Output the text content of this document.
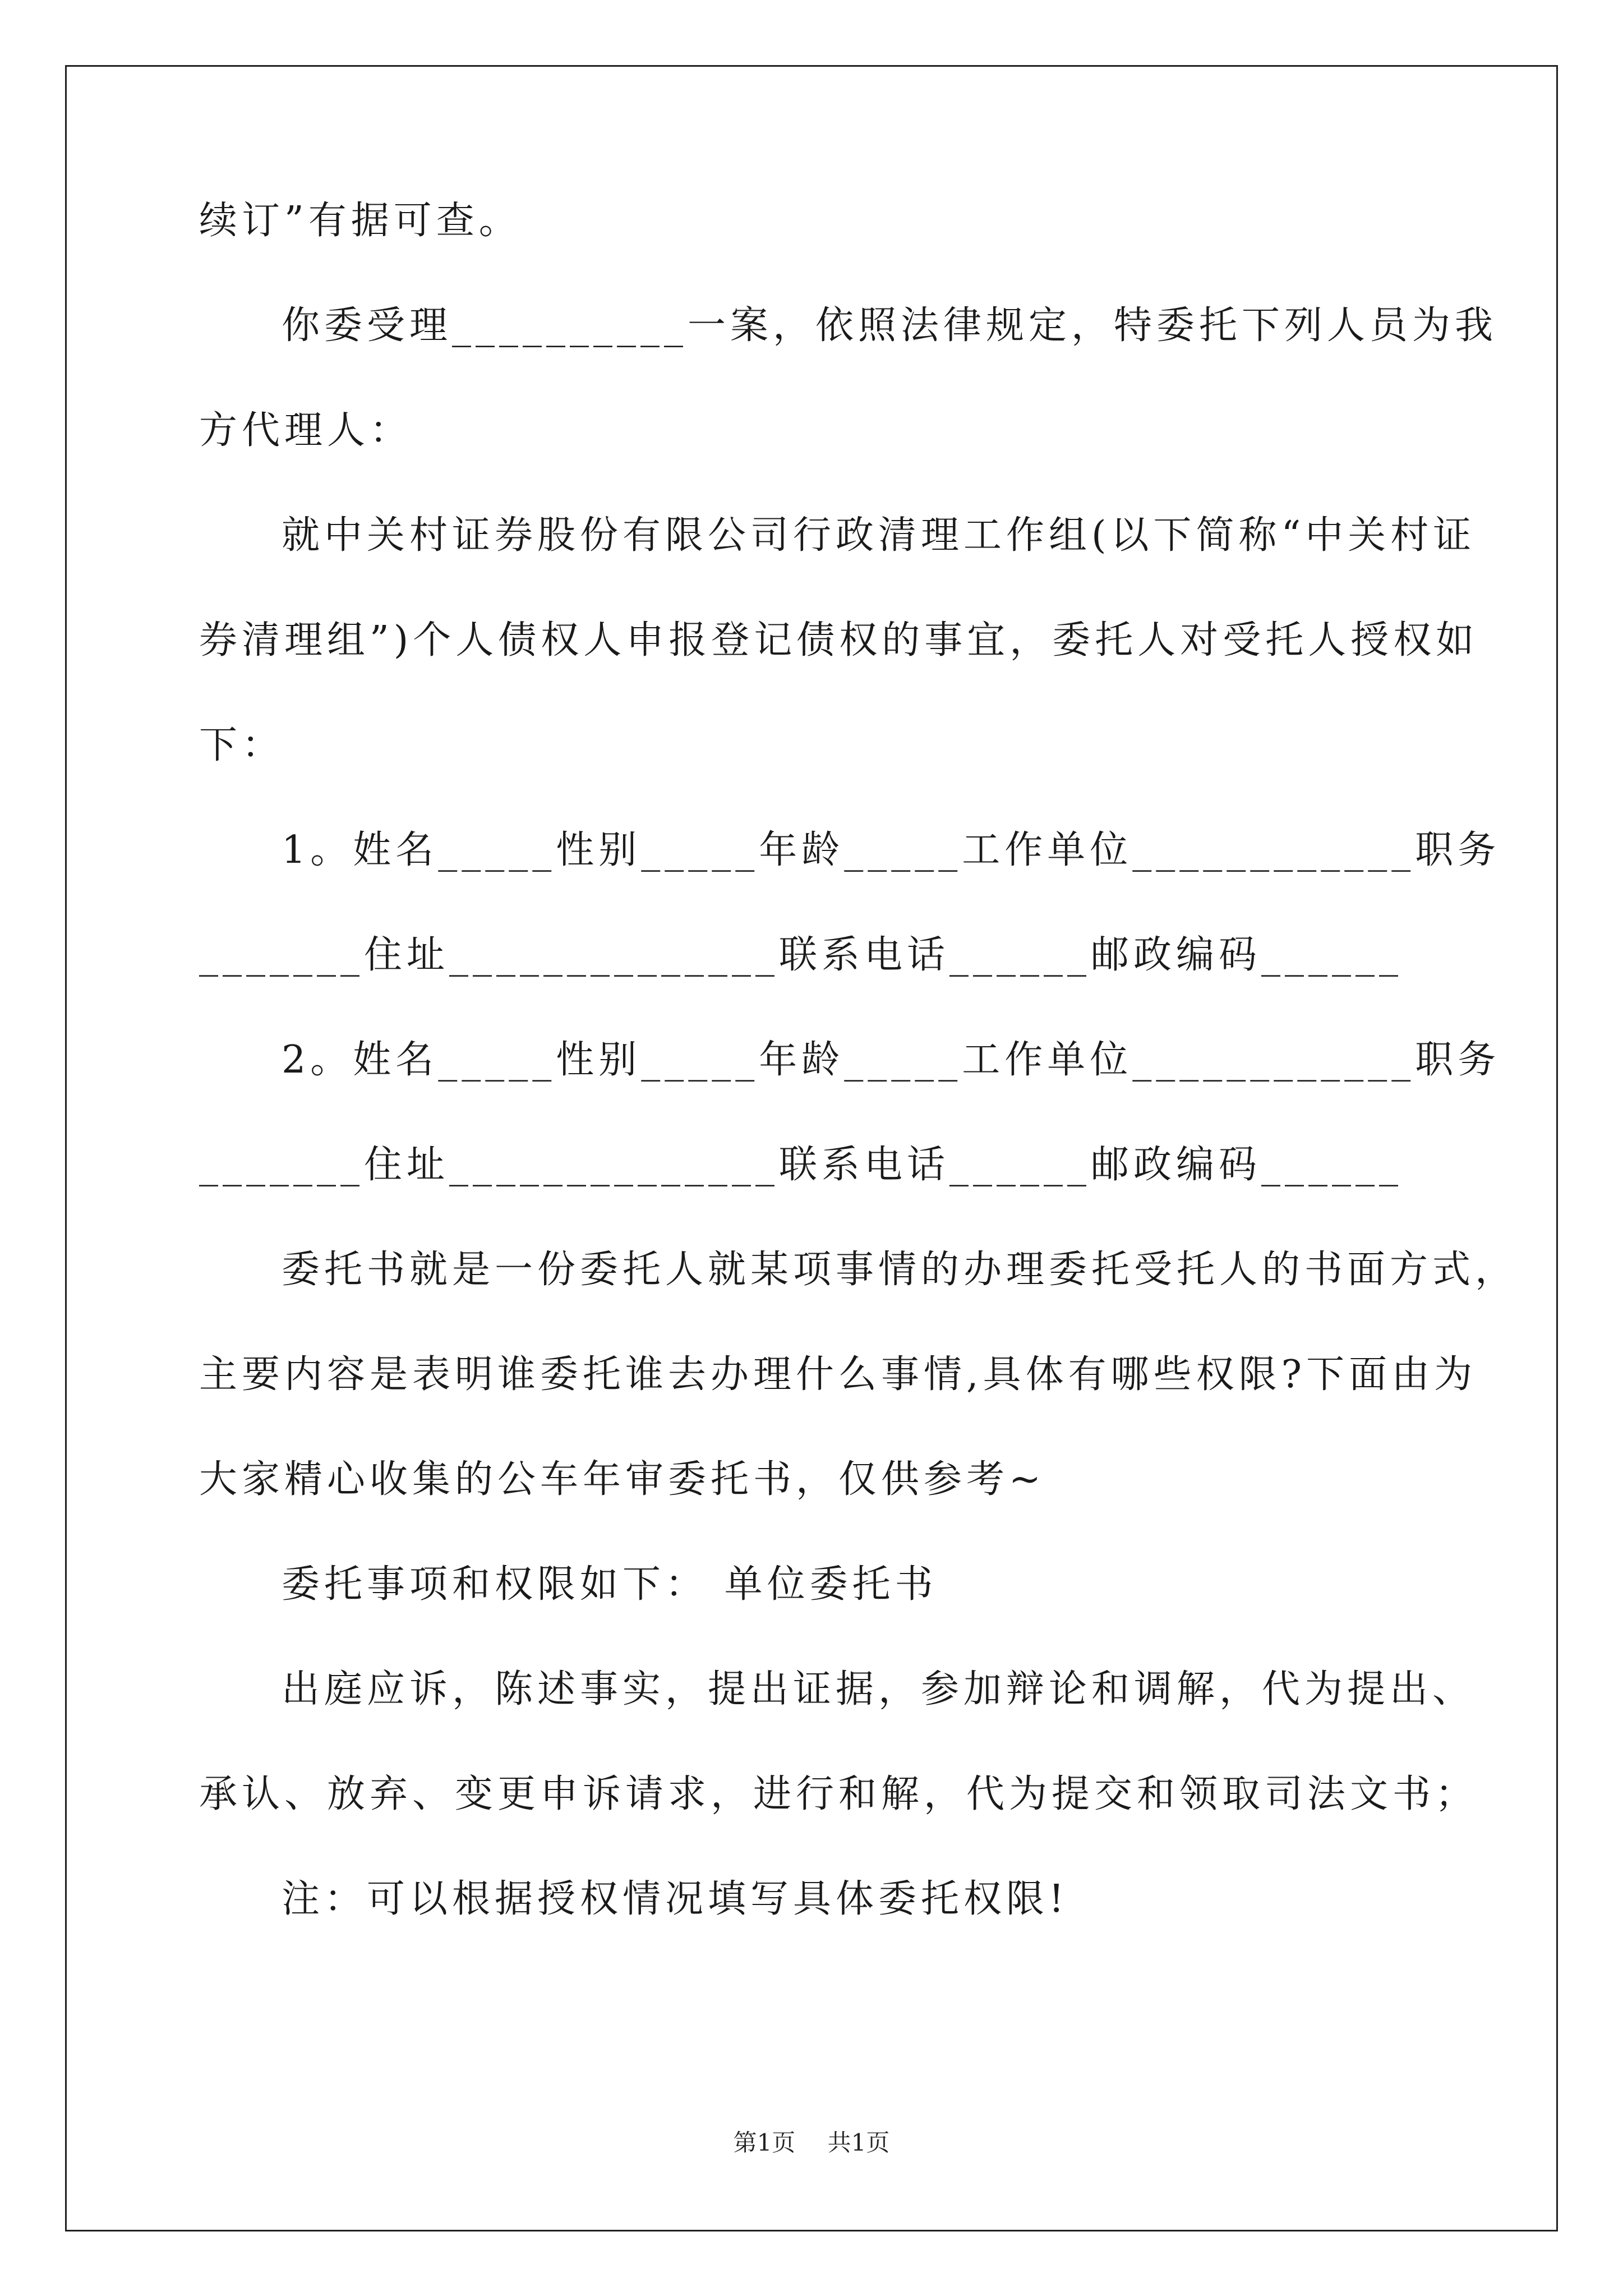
续订”有据可查。
你委受理__________一案，依照法律规定，特委托下列人员为我
方代理人：
就中关村证券股份有限公司行政清理工作组(以下简称“中关村证
券清理组”)个人债权人申报登记债权的事宜，委托人对受托人授权如
下：
1。姓名_____性别_____年龄_____工作单位____________职务
_______住址______________联系电话______邮政编码______
2。姓名_____性别_____年龄_____工作单位____________职务
_______住址______________联系电话______邮政编码______
委托书就是一份委托人就某项事情的办理委托受托人的书面方式，
主要内容是表明谁委托谁去办理什么事情,具体有哪些权限?下面由为
大家精心收集的公车年审委托书，仅供参考~
委托事项和权限如下： 单位委托书
出庭应诉，陈述事实，提出证据，参加辩论和调解，代为提出、
承认、放弃、变更申诉请求，进行和解，代为提交和领取司法文书；
注：可以根据授权情况填写具体委托权限!
第1页 共1页
